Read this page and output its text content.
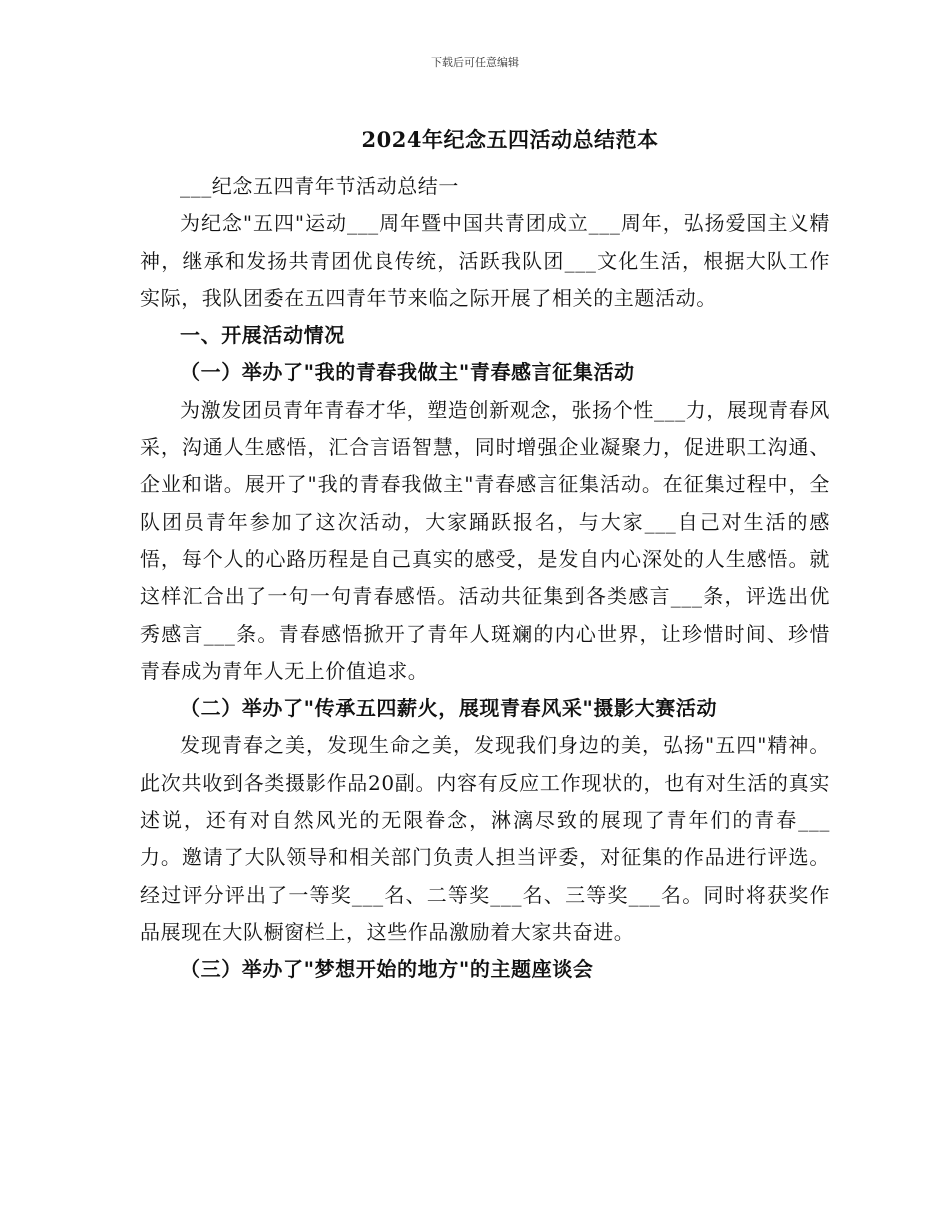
下载后可任意编辑
2024年纪念五四活动总结范本

___纪念五四青年节活动总结一

为纪念"五四"运动___周年暨中国共青团成立___周年，弘扬爱国主义精神，继承和发扬共青团优良传统，活跃我队团___文化生活，根据大队工作实际，我队团委在五四青年节来临之际开展了相关的主题活动。

一、开展活动情况
（一）举办了"我的青春我做主"青春感言征集活动

为激发团员青年青春才华，塑造创新观念，张扬个性___力，展现青春风采，沟通人生感悟，汇合言语智慧，同时增强企业凝聚力，促进职工沟通、企业和谐。展开了"我的青春我做主"青春感言征集活动。在征集过程中，全队团员青年参加了这次活动，大家踊跃报名，与大家___自己对生活的感悟，每个人的心路历程是自己真实的感受，是发自内心深处的人生感悟。就这样汇合出了一句一句青春感悟。活动共征集到各类感言___条，评选出优秀感言___条。青春感悟掀开了青年人斑斓的内心世界，让珍惜时间、珍惜青春成为青年人无上价值追求。

（二）举办了"传承五四薪火，展现青春风采"摄影大赛活动

发现青春之美，发现生命之美，发现我们身边的美，弘扬"五四"精神。此次共收到各类摄影作品20副。内容有反应工作现状的，也有对生活的真实述说，还有对自然风光的无限眷念，淋漓尽致的展现了青年们的青春___力。邀请了大队领导和相关部门负责人担当评委，对征集的作品进行评选。经过评分评出了一等奖___名、二等奖___名、三等奖___名。同时将获奖作品展现在大队橱窗栏上，这些作品激励着大家共奋进。

（三）举办了"梦想开始的地方"的主题座谈会
